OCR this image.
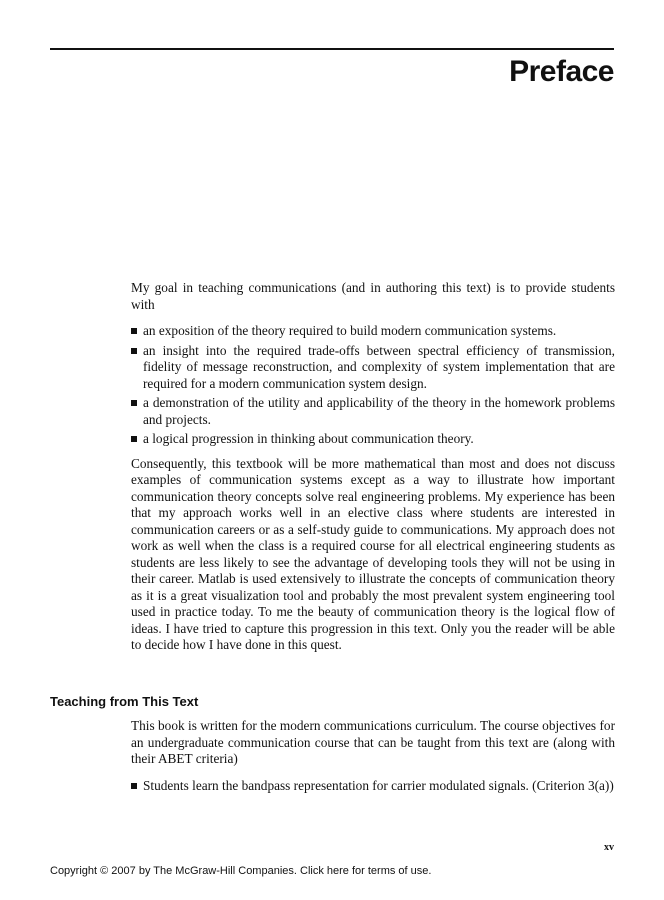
Preface

My goal in teaching communications (and in authoring this text) is to provide students with

an exposition of the theory required to build modern communication systems.
an insight into the required trade-offs between spectral efficiency of transmission, fidelity of message reconstruction, and complexity of system implementation that are required for a modern communication system design.
a demonstration of the utility and applicability of the theory in the homework problems and projects.
a logical progression in thinking about communication theory.

Consequently, this textbook will be more mathematical than most and does not discuss examples of communication systems except as a way to illustrate how important communication theory concepts solve real engineering problems. My experience has been that my approach works well in an elective class where students are interested in communication careers or as a self-study guide to communications. My approach does not work as well when the class is a required course for all electrical engineering students as students are less likely to see the advantage of developing tools they will not be using in their career. Matlab is used extensively to illustrate the concepts of communication theory as it is a great visualization tool and probably the most prevalent system engineering tool used in practice today. To me the beauty of communication theory is the logical flow of ideas. I have tried to capture this progression in this text. Only you the reader will be able to decide how I have done in this quest.

Teaching from This Text

This book is written for the modern communications curriculum. The course objectives for an undergraduate communication course that can be taught from this text are (along with their ABET criteria)

Students learn the bandpass representation for carrier modulated signals. (Criterion 3(a))
xv
Copyright © 2007 by The McGraw-Hill Companies. Click here for terms of use.
